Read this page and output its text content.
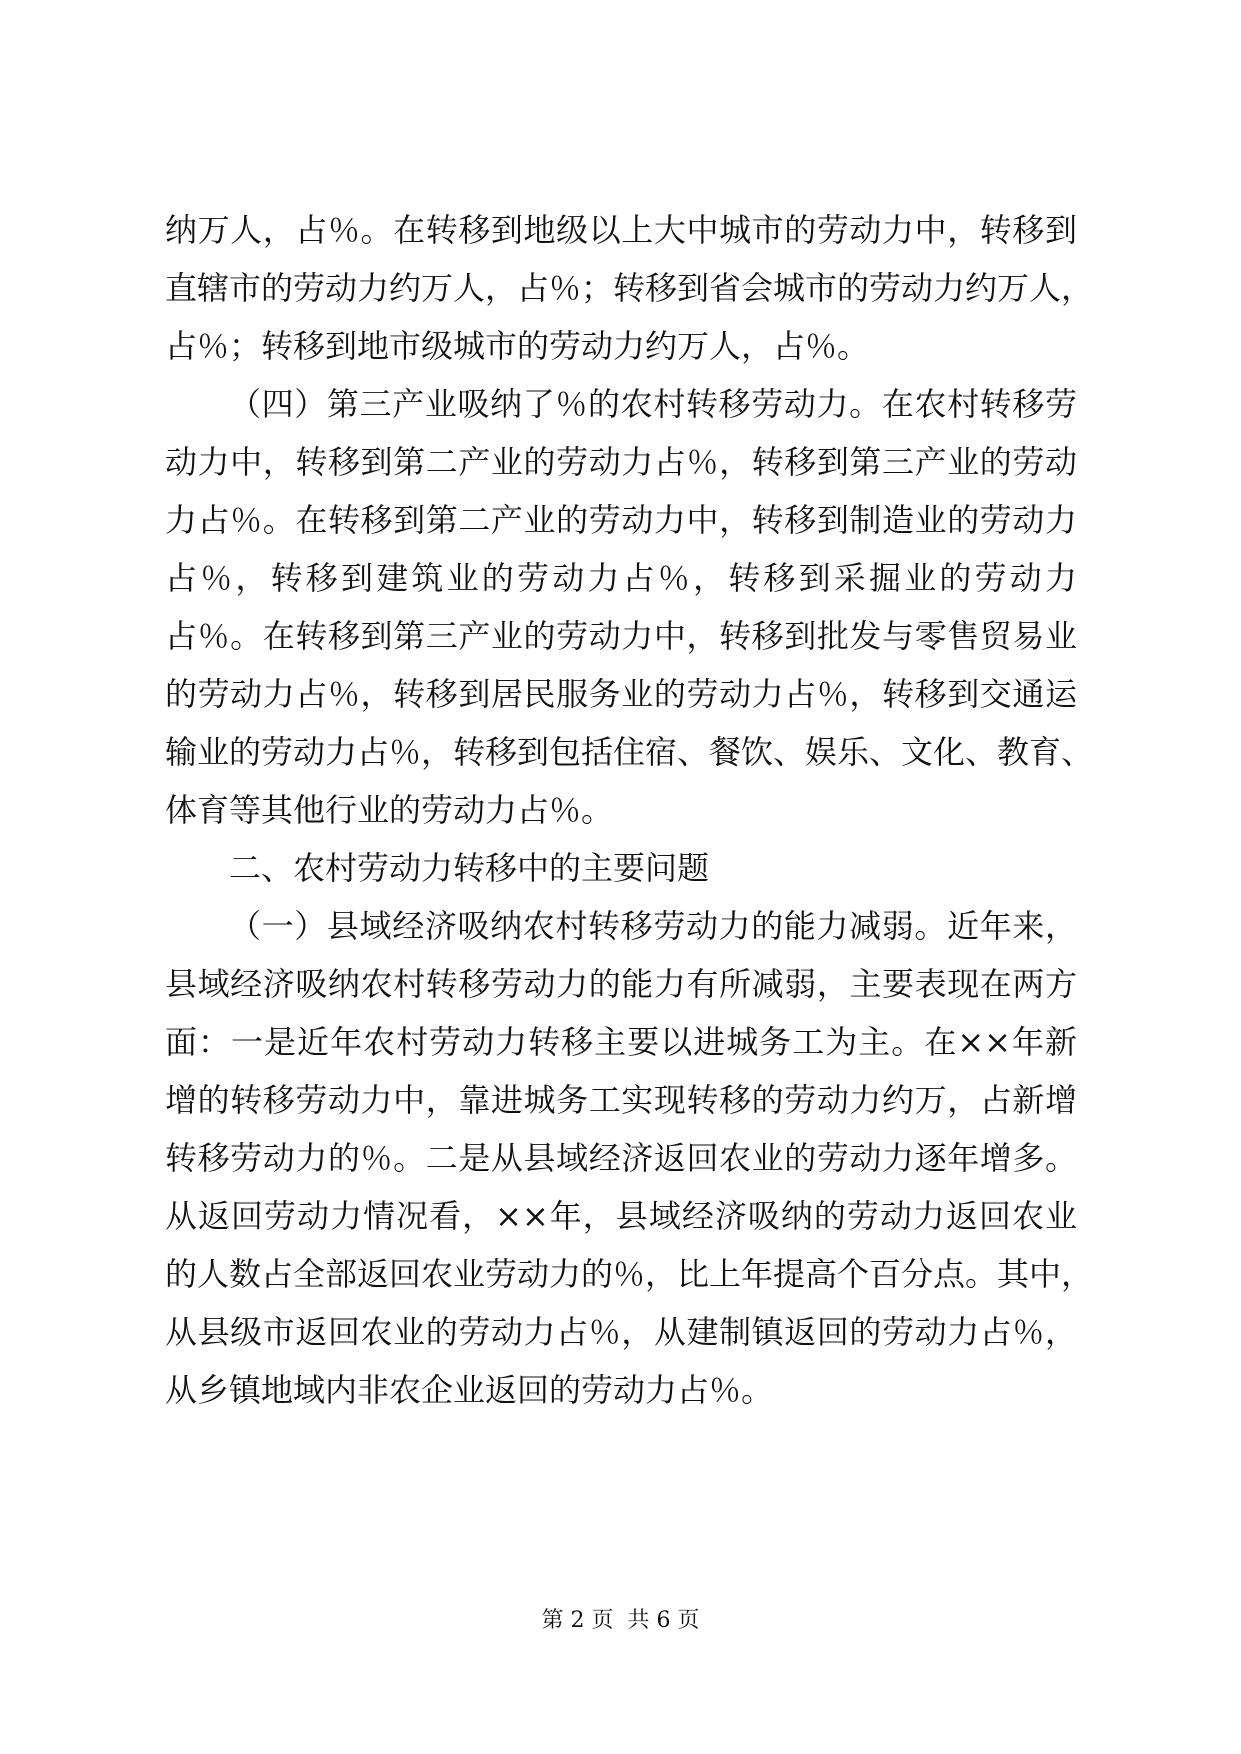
纳万人，占％。在转移到地级以上大中城市的劳动力中，转移到
直辖市的劳动力约万人，占％；转移到省会城市的劳动力约万人，
占％；转移到地市级城市的劳动力约万人，占％。
（四）第三产业吸纳了％的农村转移劳动力。在农村转移劳
动力中，转移到第二产业的劳动力占％，转移到第三产业的劳动
力占％。在转移到第二产业的劳动力中，转移到制造业的劳动力
占％，转移到建筑业的劳动力占％，转移到采掘业的劳动力
占％。在转移到第三产业的劳动力中，转移到批发与零售贸易业
的劳动力占％，转移到居民服务业的劳动力占％，转移到交通运
输业的劳动力占％，转移到包括住宿、餐饮、娱乐、文化、教育、
体育等其他行业的劳动力占％。
二、农村劳动力转移中的主要问题
（一）县域经济吸纳农村转移劳动力的能力减弱。近年来，
县域经济吸纳农村转移劳动力的能力有所减弱，主要表现在两方
面：一是近年农村劳动力转移主要以进城务工为主。在××年新
增的转移劳动力中，靠进城务工实现转移的劳动力约万，占新增
转移劳动力的％。二是从县域经济返回农业的劳动力逐年增多。
从返回劳动力情况看，××年，县域经济吸纳的劳动力返回农业
的人数占全部返回农业劳动力的％，比上年提高个百分点。其中，
从县级市返回农业的劳动力占％，从建制镇返回的劳动力占％，
从乡镇地域内非农企业返回的劳动力占％。
第 2 页  共 6 页
